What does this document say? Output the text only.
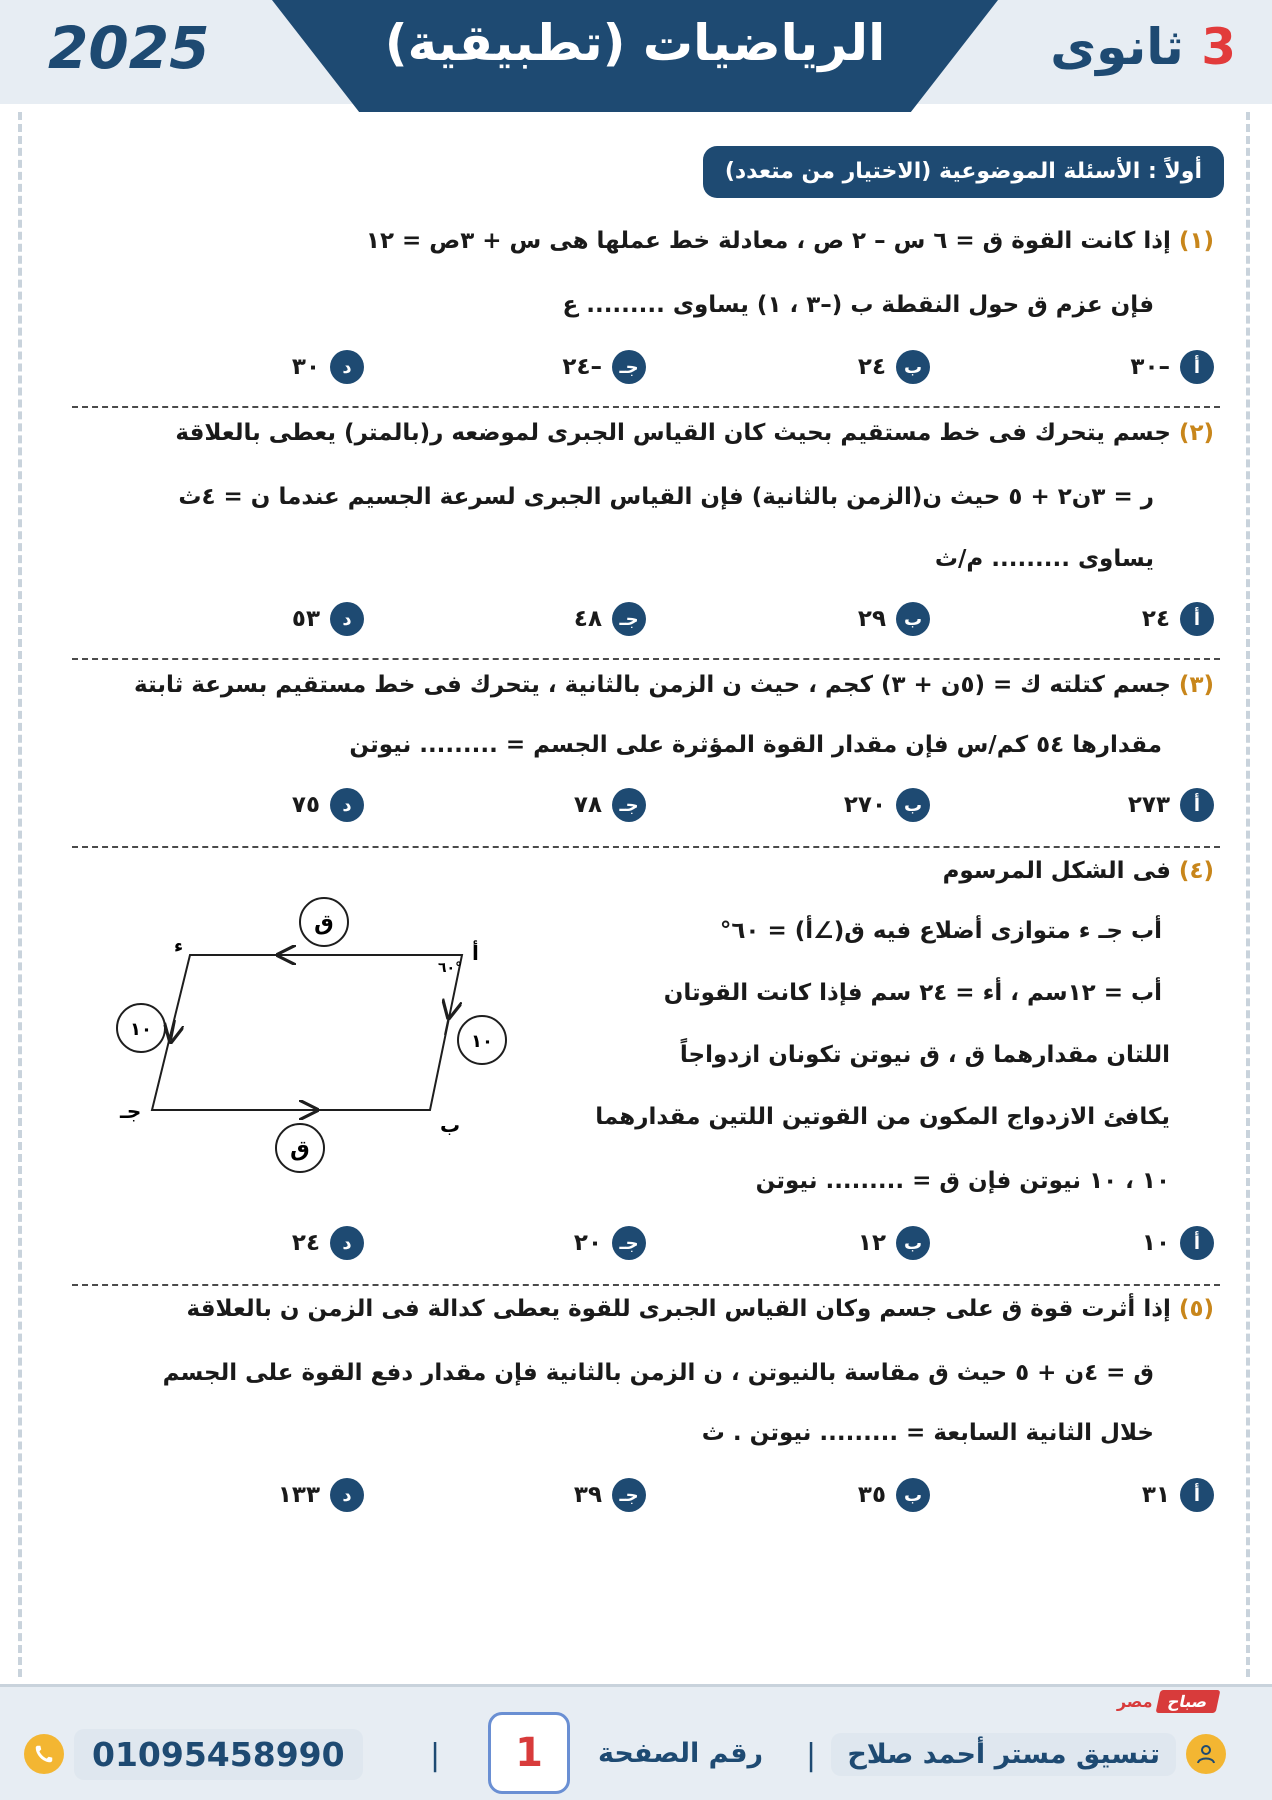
الرياضيات (تطبيقية)
2025	3 ثانوى
أولاً : الأسئلة الموضوعية (الاختيار من متعدد)
(١) إذا كانت القوة ق = ٦ س – ٢ ص ، معادلة خط عملها هى س + ٣ص = ١٢
فإن عزم ق حول النقطة ب (–٣ ، ١) يساوى ......... ع
أ
–٣٠
ب
٢٤
جـ
–٢٤
د
٣٠
(٢) جسم يتحرك فى خط مستقيم بحيث كان القياس الجبرى لموضعه ر(بالمتر) يعطى بالعلاقة
ر = ٣ن٢ + ٥ حيث ن(الزمن بالثانية) فإن القياس الجبرى لسرعة الجسيم عندما ن = ٤ث
يساوى ......... م/ث
أ
٢٤
ب
٢٩
جـ
٤٨
د
٥٣
(٣) جسم كتلته ك = (٥ن + ٣) كجم ، حيث ن الزمن بالثانية ، يتحرك فى خط مستقيم بسرعة ثابتة
مقدارها ٥٤ كم/س فإن مقدار القوة المؤثرة على الجسم = ......... نيوتن
أ
٢٧٣
ب
٢٧٠
جـ
٧٨
د
٧٥
(٤) فى الشكل المرسوم
أب جـ ء متوازى أضلاع فيه ق(∠أ) = ٦٠°
أب = ١٢سم ، أء = ٢٤ سم فإذا كانت القوتان
اللتان مقدارهما ق ، ق نيوتن تكونان ازدواجاً
يكافئ الازدواج المكون من القوتين اللتين مقدارهما
١٠ ، ١٠ نيوتن فإن ق = ......... نيوتن
ق
ق
١٠
١٠
أ
٦٠°
ب
جـ
ء
أ
١٠
ب
١٢
جـ
٢٠
د
٢٤
(٥) إذا أثرت قوة ق على جسم وكان القياس الجبرى للقوة يعطى كدالة فى الزمن ن بالعلاقة
ق = ٤ن + ٥ حيث ق مقاسة بالنيوتن ، ن الزمن بالثانية فإن مقدار دفع القوة على الجسم
خلال الثانية السابعة = ......... نيوتن . ث
أ
٣١
ب
٣٥
جـ
٣٩
د
١٣٣
صباحمصر
تنسيق مستر أحمد صلاح
|
رقم الصفحة
1
|
01095458990
